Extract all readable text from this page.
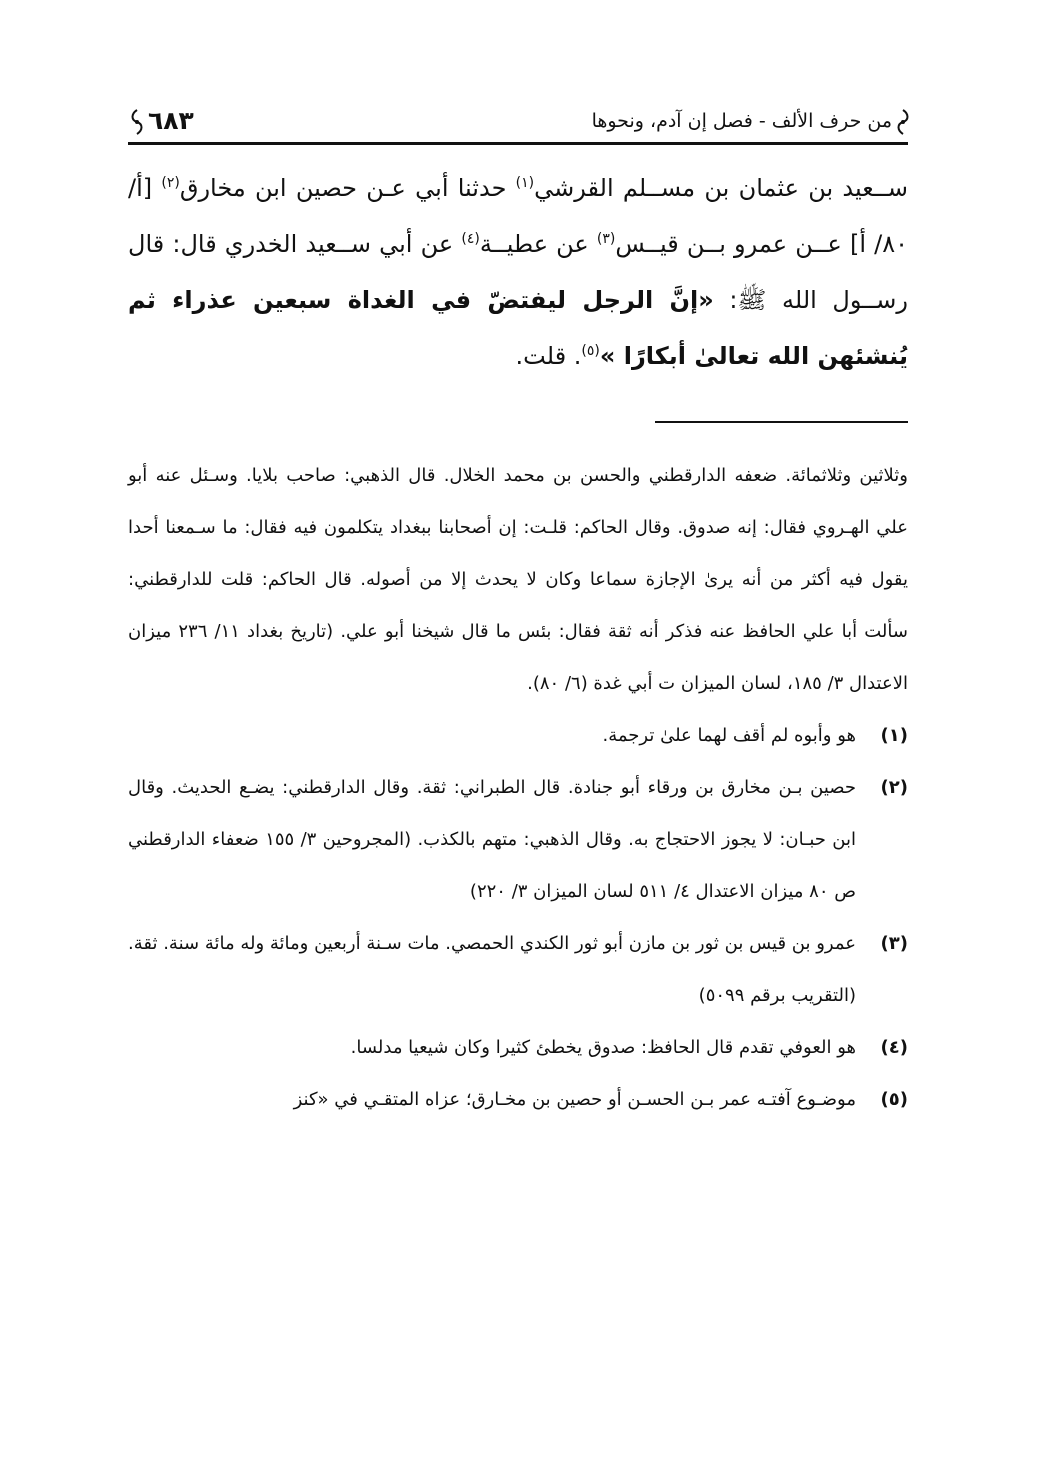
من حرف الألف - فصل إن آدم، ونحوها
٦٨٣

ســعيد بن عثمان بن مســلم القرشي$^{(١)}$ حدثنا أبي عـن حصين ابن مخارق$^{(٢)}$ [أ/ ٨٠/ أ] عــن عمرو بــن قيــس$^{(٣)}$ عن عطيــة$^{(٤)}$ عن أبي ســعيد الخدري قال: قال رســول الله ﷺ: «إنَّ الرجل ليفتضّ في الغداة سبعين عذراء ثم يُنشئهن الله تعالىٰ أبكارًا »$^{(٥)}$. قلت.

وثلاثين وثلاثمائة. ضعفه الدارقطني والحسن بن محمد الخلال. قال الذهبي: صاحب بلايا. وسـئل عنه أبو علي الهـروي فقال: إنه صدوق. وقال الحاكم: قلـت: إن أصحابنا ببغداد يتكلمون فيه فقال: ما سـمعنا أحدا يقول فيه أكثر من أنه يرىٰ الإجازة سماعا وكان لا يحدث إلا من أصوله. قال الحاكم: قلت للدارقطني: سألت أبا علي الحافظ عنه فذكر أنه ثقة فقال: بئس ما قال شيخنا أبو علي. (تاريخ بغداد ١١/ ٢٣٦ ميزان الاعتدال ٣/ ١٨٥، لسان الميزان ت أبي غدة (٦/ ٨٠).

(١)
هو وأبوه لم أقف لهما علىٰ ترجمة.
(٢)
حصين بـن مخارق بن ورقاء أبو جنادة. قال الطبراني: ثقة. وقال الدارقطني: يضـع الحديث. وقال ابن حبـان: لا يجوز الاحتجاج به. وقال الذهبي: متهم بالكذب. (المجروحين ٣/ ١٥٥ ضعفاء الدارقطني ص ٨٠ ميزان الاعتدال ٤/ ٥١١ لسان الميزان ٣/ ٢٢٠)
(٣)
عمرو بن قيس بن ثور بن مازن أبو ثور الكندي الحمصي. مات سـنة أربعين ومائة وله مائة سنة. ثقة. (التقريب برقم ٥٠٩٩)
(٤)
هو العوفي تقدم قال الحافظ: صدوق يخطئ كثيرا وكان شيعيا مدلسا.
(٥)
موضـوع آفتـه عمر بـن الحسـن أو حصين بن مخـارق؛ عزاه المتقـي في «كنز
